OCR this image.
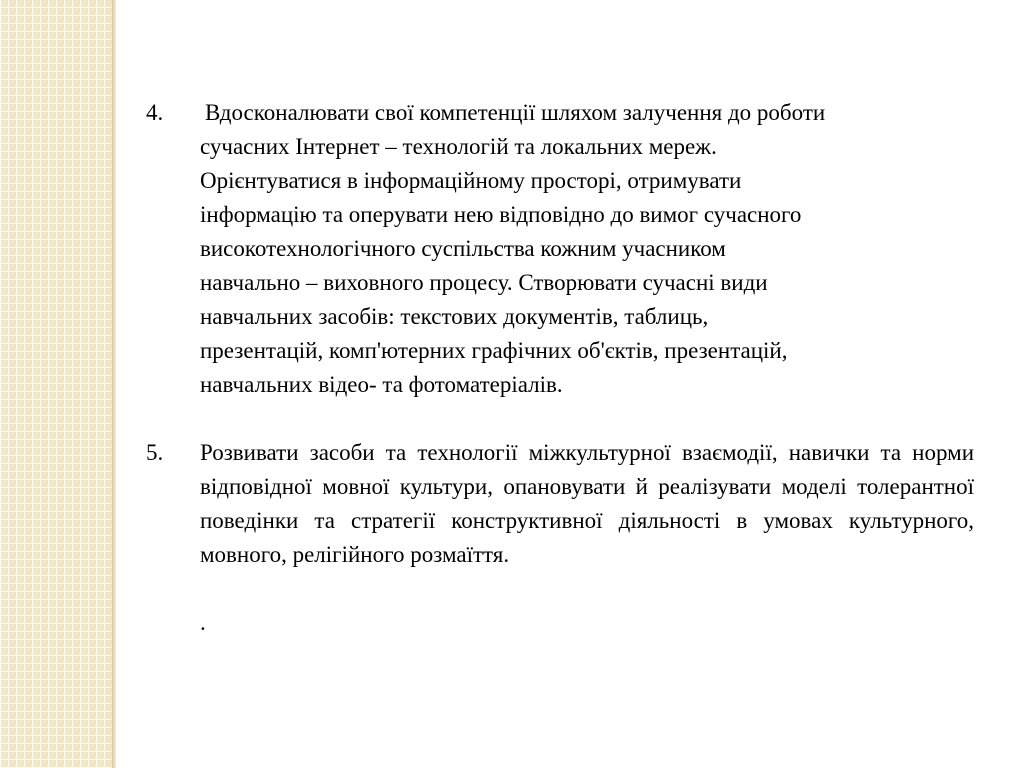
4. Вдосконалювати свої компетенції шляхом залучення до роботи
сучасних Інтернет – технологій та локальних мереж.
Орієнтуватися в інформаційному просторі, отримувати
інформацію та оперувати нею відповідно до вимог сучасного
високотехнологічного суспільства кожним учасником
навчально – виховного процесу. Створювати сучасні види
навчальних засобів: текстових документів, таблиць,
презентацій, комп'ютерних графічних об'єктів, презентацій,
навчальних відео- та фотоматеріалів.
5. Розвивати засоби та технології міжкультурної взаємодії, навички та норми відповідної мовної культури, опановувати й реалізувати моделі толерантної поведінки та стратегії конструктивної діяльності в умовах культурного, мовного, релігійного розмаїття.
.
